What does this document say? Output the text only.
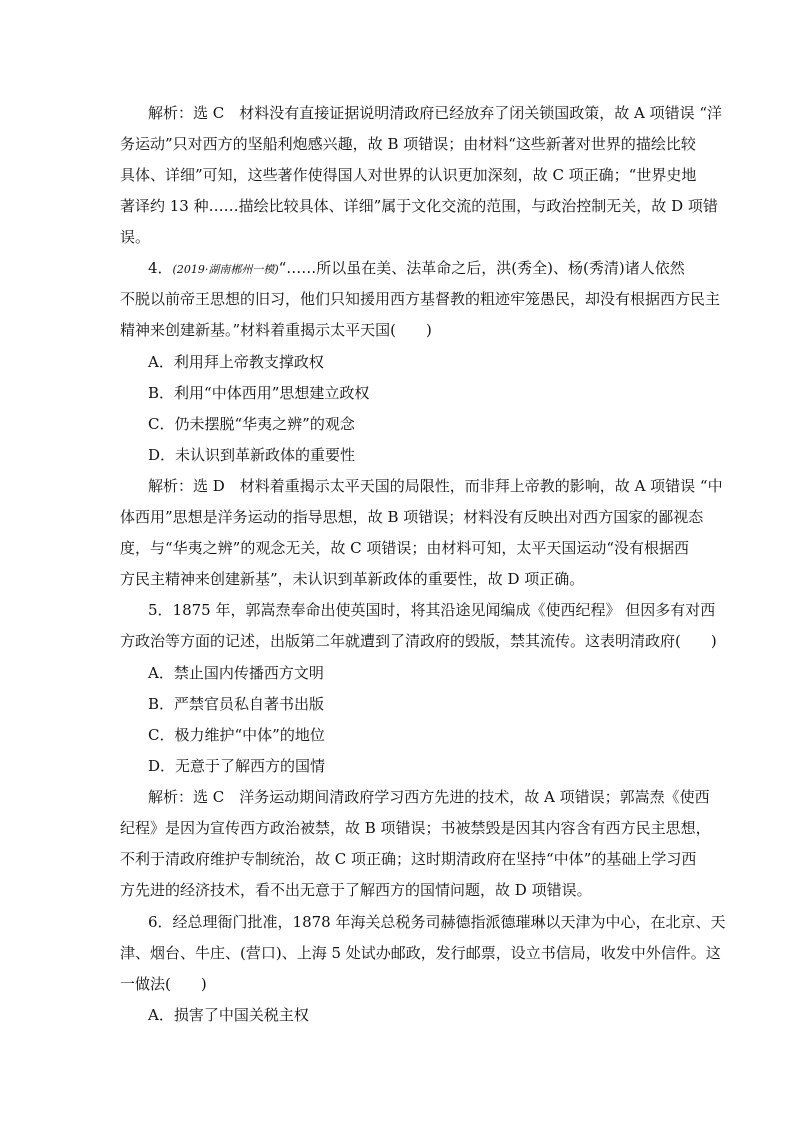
解析：选 C　材料没有直接证据说明清政府已经放弃了闭关锁国政策，故 A 项错误 “洋
务运动”只对西方的坚船利炮感兴趣，故 B 项错误；由材料“这些新著对世界的描绘比较
具体、详细”可知，这些著作使得国人对世界的认识更加深刻，故 C 项正确；“世界史地
著译约 13 种……描绘比较具体、详细”属于文化交流的范围，与政治控制无关，故 D 项错
误。
4．(2019·湖南郴州一模)“……所以虽在美、法革命之后，洪(秀全)、杨(秀清)诸人依然
不脱以前帝王思想的旧习，他们只知援用西方基督教的粗迹牢笼愚民，却没有根据西方民主
精神来创建新基。”材料着重揭示太平天国(　　)
A．利用拜上帝教支撑政权
B．利用“中体西用”思想建立政权
C．仍未摆脱“华夷之辨”的观念
D．未认识到革新政体的重要性
解析：选 D　材料着重揭示太平天国的局限性，而非拜上帝教的影响，故 A 项错误 “中
体西用”思想是洋务运动的指导思想，故 B 项错误；材料没有反映出对西方国家的鄙视态
度，与“华夷之辨”的观念无关，故 C 项错误；由材料可知，太平天国运动“没有根据西
方民主精神来创建新基”，未认识到革新政体的重要性，故 D 项正确。
5．1875 年，郭嵩焘奉命出使英国时，将其沿途见闻编成《使西纪程》 但因多有对西
方政治等方面的记述，出版第二年就遭到了清政府的毁版，禁其流传。这表明清政府(　　)
A．禁止国内传播西方文明
B．严禁官员私自著书出版
C．极力维护“中体”的地位
D．无意于了解西方的国情
解析：选 C　洋务运动期间清政府学习西方先进的技术，故 A 项错误；郭嵩焘《使西
纪程》是因为宣传西方政治被禁，故 B 项错误；书被禁毁是因其内容含有西方民主思想，
不利于清政府维护专制统治，故 C 项正确；这时期清政府在坚持“中体”的基础上学习西
方先进的经济技术，看不出无意于了解西方的国情问题，故 D 项错误。
6．经总理衙门批准，1878 年海关总税务司赫德指派德璀琳以天津为中心，在北京、天
津、烟台、牛庄、(营口)、上海 5 处试办邮政，发行邮票，设立书信局，收发中外信件。这
一做法(　　)
A．损害了中国关税主权
